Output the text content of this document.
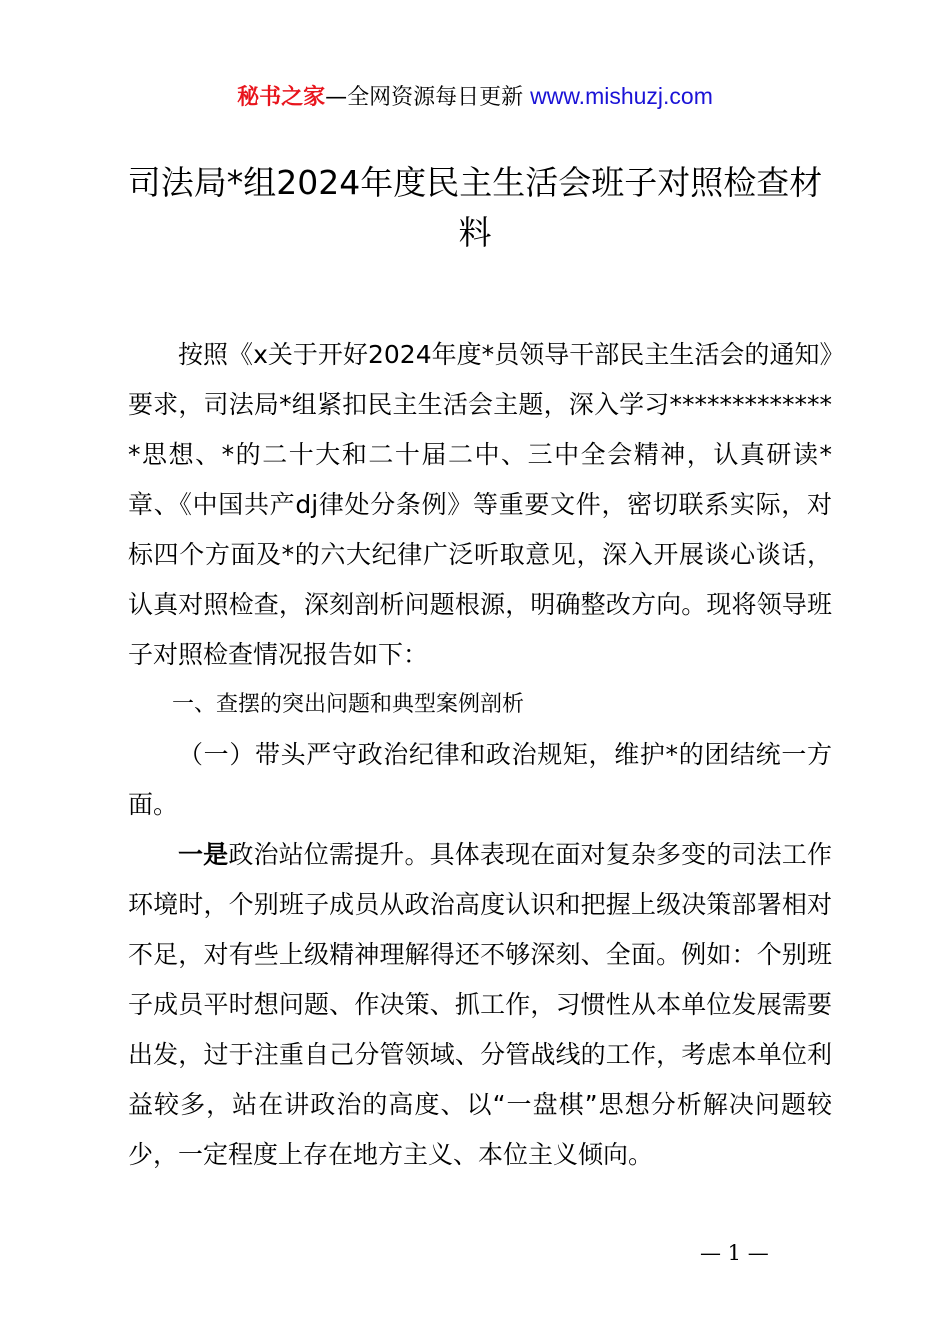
秘书之家—全网资源每日更新 www.mishuzj.com
司法局*组2024年度民主生活会班子对照检查材料

按照《x关于开好2024年度*员领导干部民主生活会的通知》要求，司法局*组紧扣民主生活会主题，深入学习**************思想、*的二十大和二十届二中、三中全会精神，认真研读*章、《中国共产dj律处分条例》等重要文件，密切联系实际，对标四个方面及*的六大纪律广泛听取意见，深入开展谈心谈话，认真对照检查，深刻剖析问题根源，明确整改方向。现将领导班子对照检查情况报告如下：

一、查摆的突出问题和典型案例剖析

（一）带头严守政治纪律和政治规矩，维护*的团结统一方面。

一是政治站位需提升。具体表现在面对复杂多变的司法工作环境时，个别班子成员从政治高度认识和把握上级决策部署相对不足，对有些上级精神理解得还不够深刻、全面。例如：个别班子成员平时想问题、作决策、抓工作，习惯性从本单位发展需要出发，过于注重自己分管领域、分管战线的工作，考虑本单位利益较多，站在讲政治的高度、以“一盘棋”思想分析解决问题较少，一定程度上存在地方主义、本位主义倾向。

— 1 —
